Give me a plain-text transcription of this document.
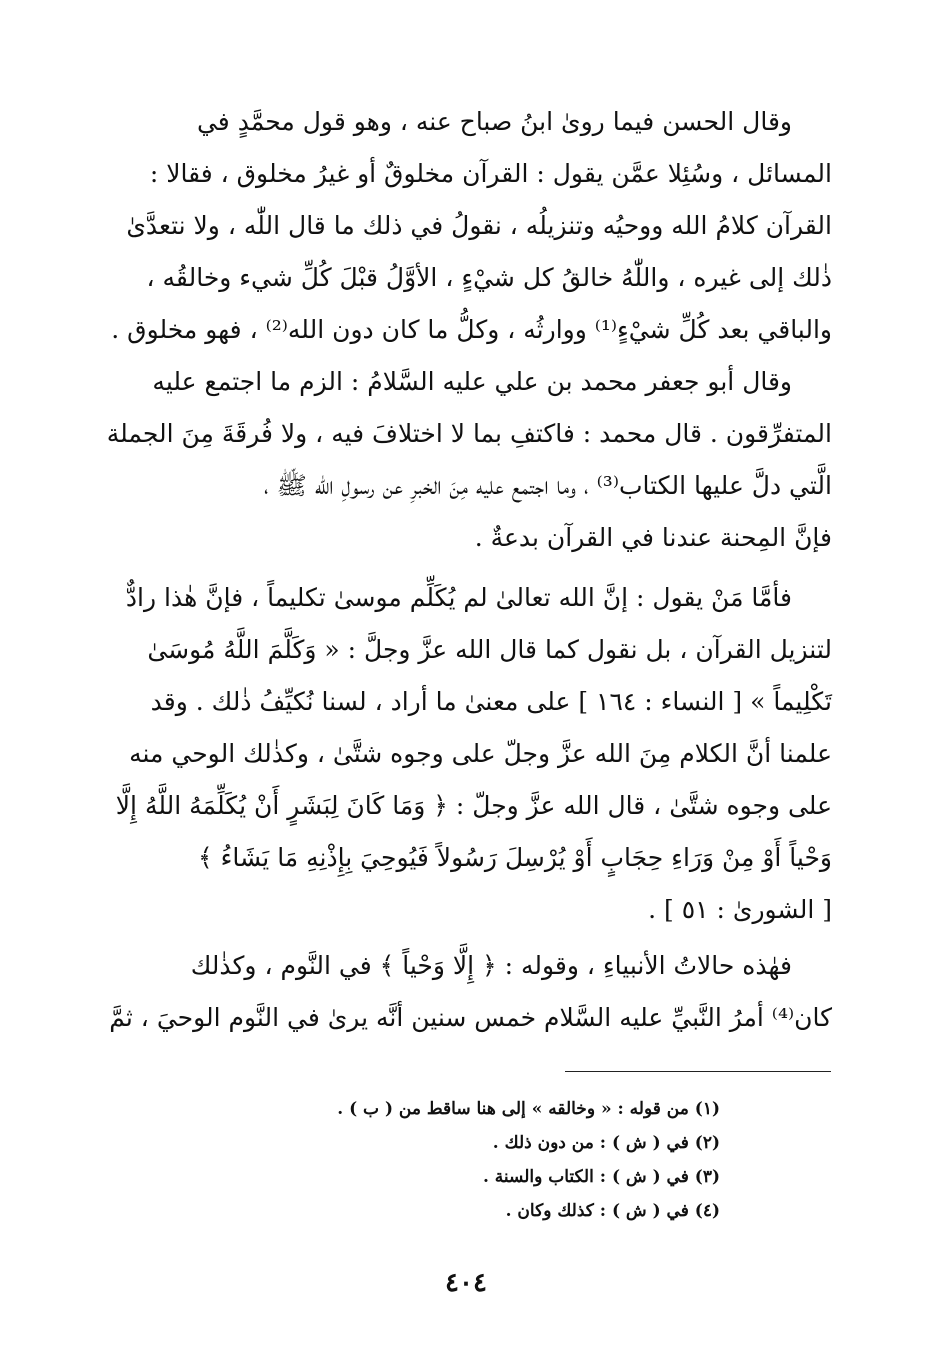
وقال الحسن فيما روىٰ ابنُ صباح عنه ، وهو قول محمَّدٍ في

المسائل ، وسُئِلا عمَّن يقول : القرآن مخلوقٌ أو غيرُ مخلوق ، فقالا :

القرآن كلامُ الله ووحيُه وتنزيلُه ، نقولُ في ذلك ما قال اللّٰه ، ولا نتعدَّىٰ

ذٰلك إلى غيره ، واللّٰهُ خالقُ كل شيْءٍ ، الأوَّلُ قبْلَ كُلِّ شيء وخالقُه ،

والباقي بعد كُلِّ شيْءٍ⁽¹⁾ ووارثُه ، وكلُّ ما كان دون الله⁽²⁾ ، فهو مخلوق .

وقال أبو جعفر محمد بن علي عليه السَّلامُ : الزم ما اجتمع عليه

المتفرِّقون . قال محمد : فاكتفِ بما لا اختلافَ فيه ، ولا فُرقَةَ مِنَ الجملة

الَّتي دلَّ عليها الكتاب⁽³⁾ ، وما اجتمع عليه مِنَ الخبرِ عن رسولِ الله ﷺ ،

فإنَّ المِحنة عندنا في القرآن بدعةٌ .

فأمَّا مَنْ يقول : إنَّ الله تعالىٰ لم يُكَلِّم موسىٰ تكليماً ، فإنَّ هٰذا رادٌّ

لتنزيل القرآن ، بل نقول كما قال الله عزَّ وجلَّ : « وَكَلَّمَ اللَّهُ مُوسَىٰ

تَكْلِيماً » [ النساء : ١٦٤ ] على معنىٰ ما أراد ، لسنا نُكيِّفُ ذٰلك . وقد

علمنا أنَّ الكلام مِنَ الله عزَّ وجلّ على وجوه شتَّىٰ ، وكذٰلك الوحي منه

على وجوه شتَّىٰ ، قال الله عزَّ وجلّ : ﴿ وَمَا كَانَ لِبَشَرٍ أَنْ يُكَلِّمَهُ اللَّهُ إِلَّا

وَحْياً أَوْ مِنْ وَرَاءِ حِجَابٍ أَوْ يُرْسِلَ رَسُولاً فَيُوحِيَ بِإِذْنِهِ مَا يَشَاءُ ﴾

[ الشورىٰ : ٥١ ] .

فهٰذه حالاتُ الأنبياءِ ، وقوله : ﴿ إِلَّا وَحْياً ﴾ في النَّوم ، وكذٰلك

كان⁽⁴⁾ أمرُ النَّبيِّ عليه السَّلام خمس سنين أنَّه يرىٰ في النَّوم الوحيَ ، ثمَّ

(١) من قوله : « وخالقه » إلى هنا ساقط من ( ب ) .
(٢) في ( ش ) : من دون ذلك .
(٣) في ( ش ) : الكتاب والسنة .
(٤) في ( ش ) : كذلك وكان .
٤٠٤
